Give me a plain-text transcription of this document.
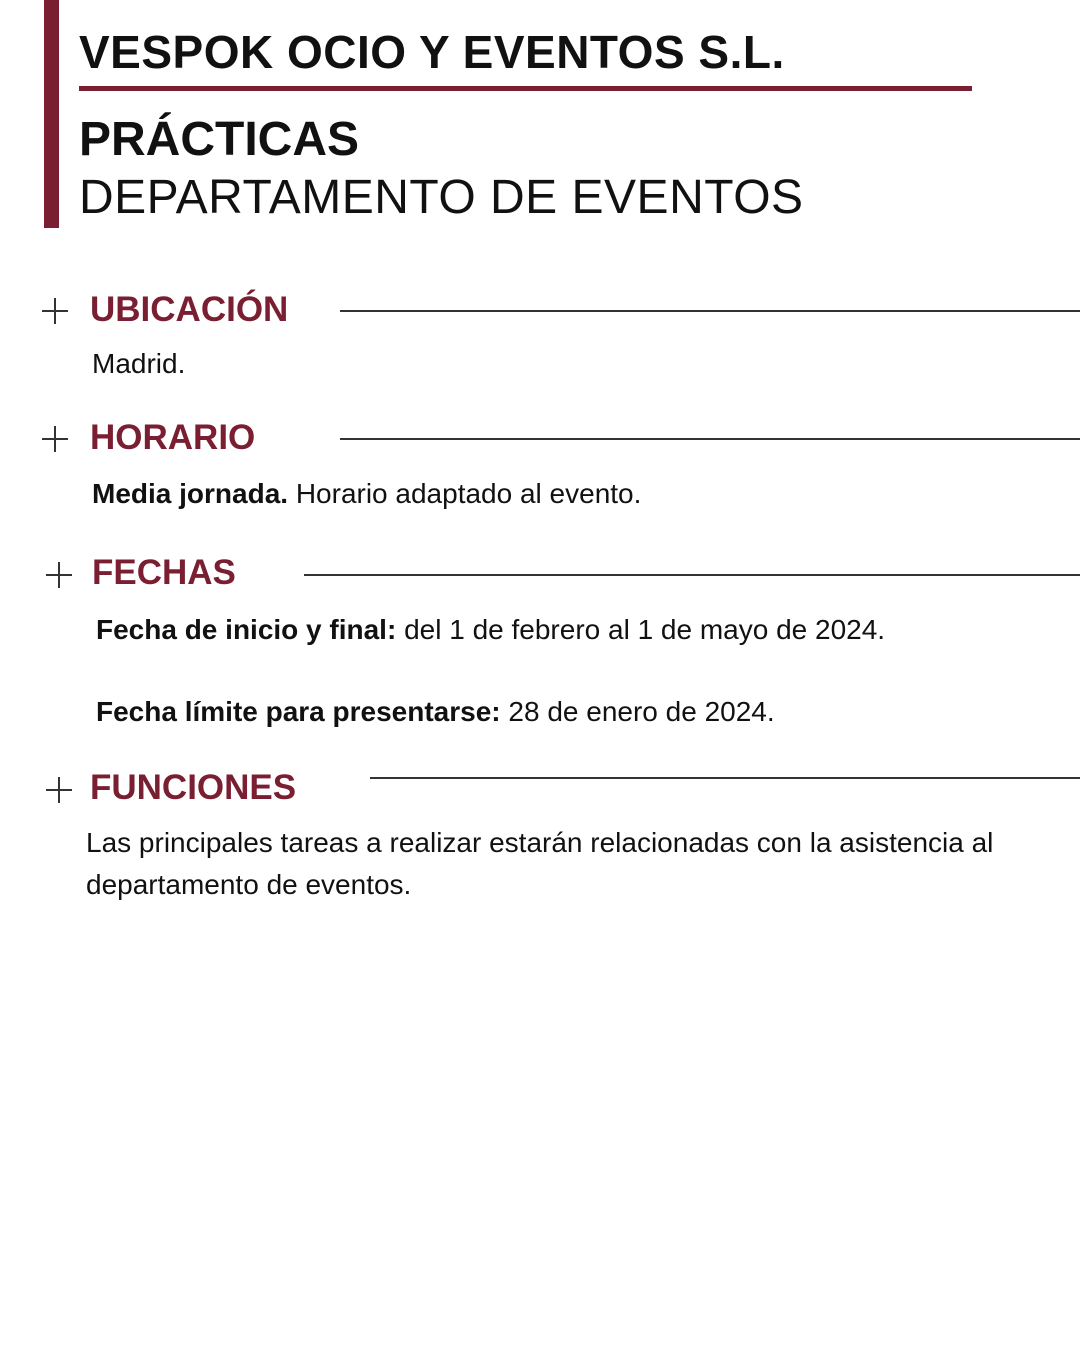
VESPOK OCIO Y EVENTOS S.L.
PRÁCTICAS
DEPARTAMENTO DE EVENTOS
UBICACIÓN
Madrid.
HORARIO
Media jornada. Horario adaptado al evento.
FECHAS
Fecha de inicio y final: del 1 de febrero al 1 de mayo de 2024.
Fecha límite para presentarse: 28 de enero de 2024.
FUNCIONES
Las principales tareas a realizar estarán relacionadas con la asistencia al departamento de eventos.
